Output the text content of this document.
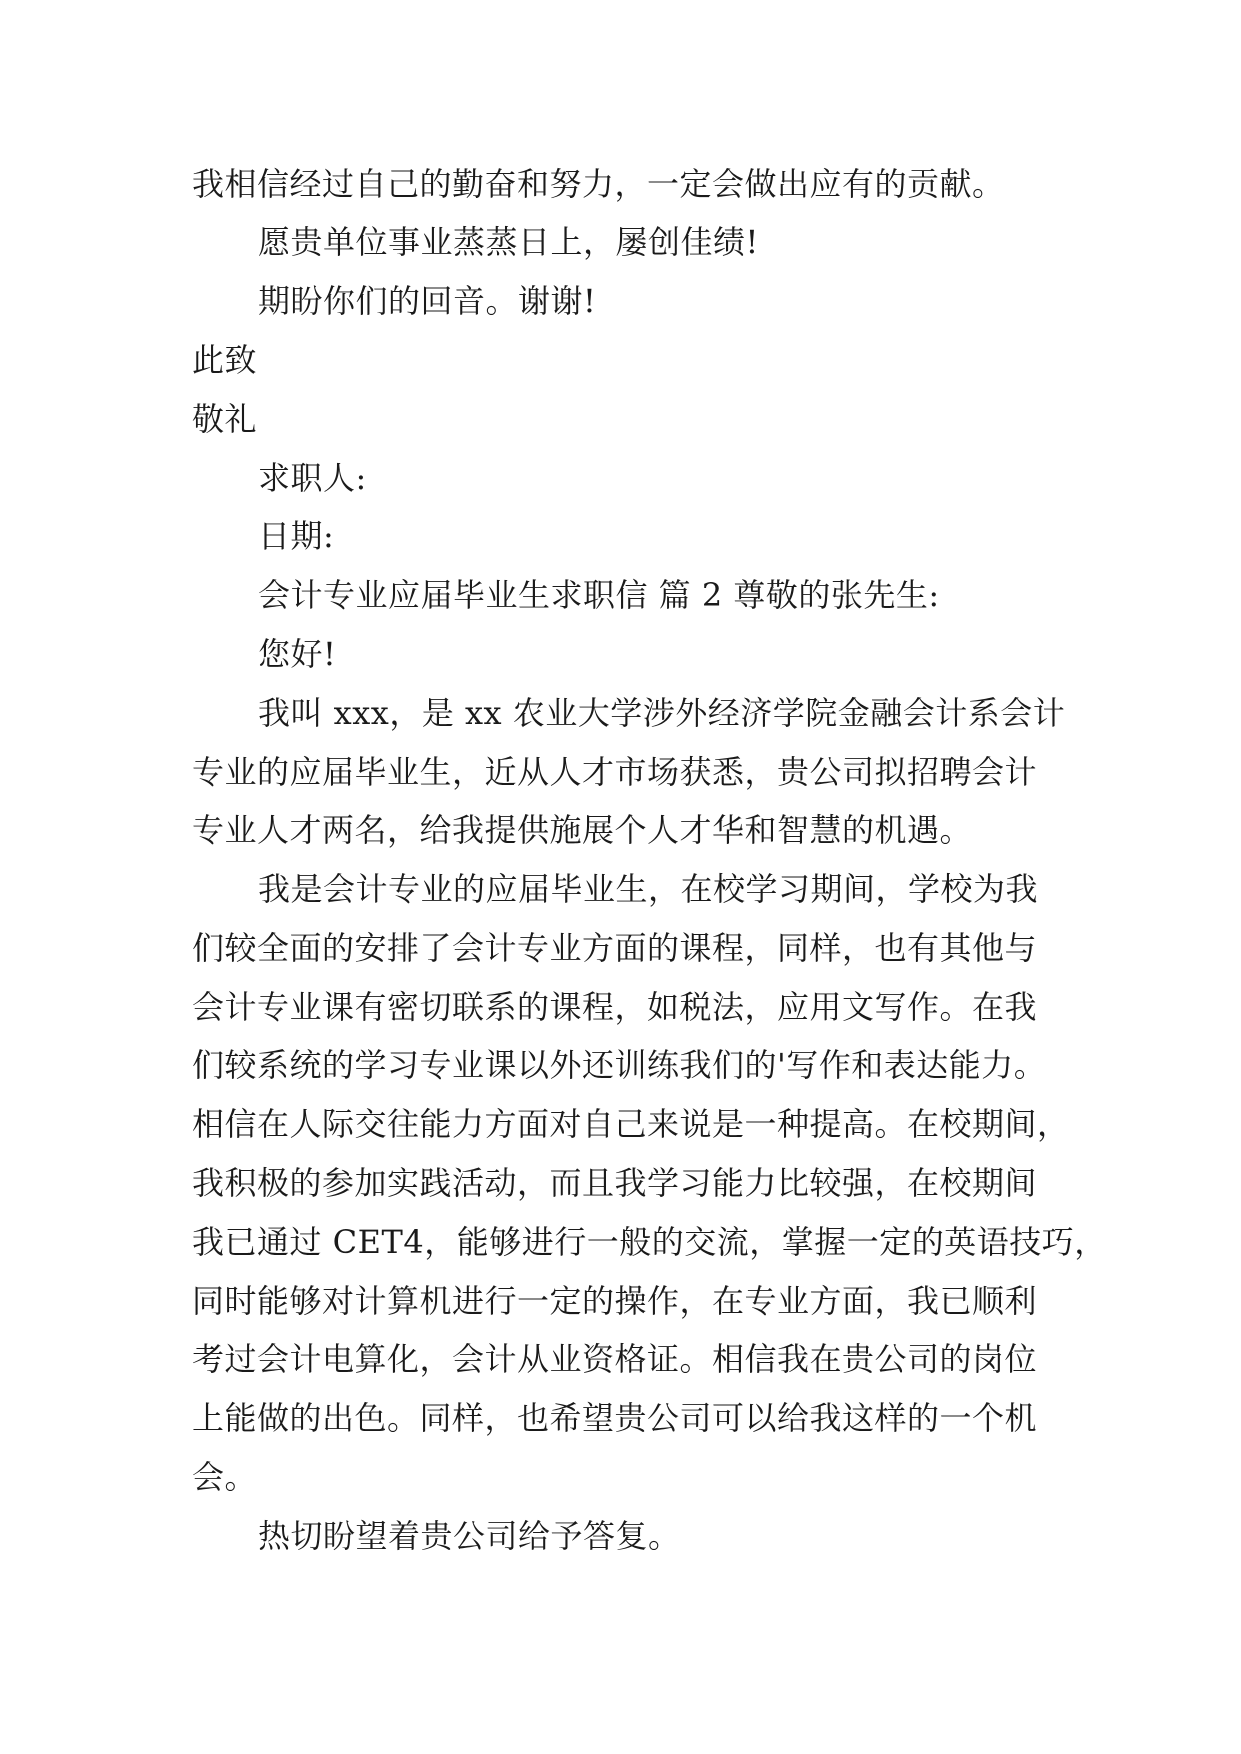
我相信经过自己的勤奋和努力，一定会做出应有的贡献。
愿贵单位事业蒸蒸日上，屡创佳绩!
期盼你们的回音。谢谢!
此致
敬礼
求职人:
日期:
会计专业应届毕业生求职信 篇 2 尊敬的张先生:
您好!
我叫 xxx，是 xx 农业大学涉外经济学院金融会计系会计
专业的应届毕业生，近从人才市场获悉，贵公司拟招聘会计
专业人才两名，给我提供施展个人才华和智慧的机遇。
我是会计专业的应届毕业生，在校学习期间，学校为我
们较全面的安排了会计专业方面的课程，同样，也有其他与
会计专业课有密切联系的课程，如税法，应用文写作。在我
们较系统的学习专业课以外还训练我们的'写作和表达能力。
相信在人际交往能力方面对自己来说是一种提高。在校期间，
我积极的参加实践活动，而且我学习能力比较强，在校期间
我已通过 CET4，能够进行一般的交流，掌握一定的英语技巧，
同时能够对计算机进行一定的操作，在专业方面，我已顺利
考过会计电算化，会计从业资格证。相信我在贵公司的岗位
上能做的出色。同样，也希望贵公司可以给我这样的一个机
会。
热切盼望着贵公司给予答复。
